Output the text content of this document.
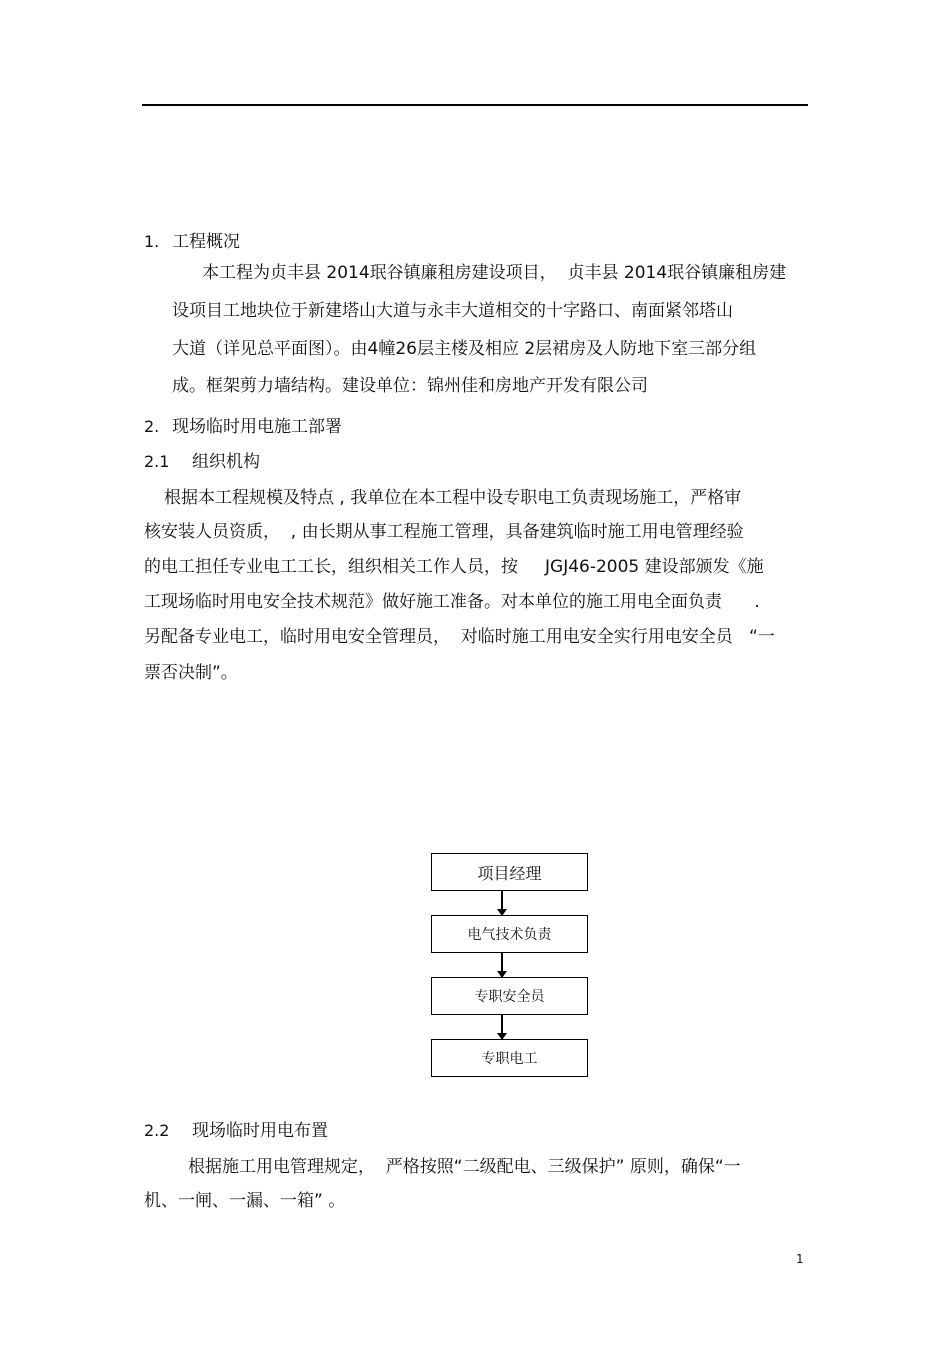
1. 工程概况
本工程为贞丰县 2014珉谷镇廉租房建设项目，  贞丰县 2014珉谷镇廉租房建
设项目工地块位于新建塔山大道与永丰大道相交的十字路口、南面紧邻塔山
大道（详见总平面图）。由4幢26层主楼及相应 2层裙房及人防地下室三部分组
成。框架剪力墙结构。建设单位：锦州佳和房地产开发有限公司
2. 现场临时用电施工部署
2.1 组织机构
根据本工程规模及特点 , 我单位在本工程中设专职电工负责现场施工，严格审
核安装人员资质，  , 由长期从事工程施工管理，具备建筑临时施工用电管理经验
的电工担任专业电工工长，组织相关工作人员，按     JGJ46-2005 建设部颁发《施
工现场临时用电安全技术规范》做好施工准备。对本单位的施工用电全面负责      .
另配备专业电工，临时用电安全管理员，  对临时施工用电安全实行用电安全员   “一
票否决制”。
项目经理
电气技术负责
专职安全员
专职电工
2.2 现场临时用电布置
根据施工用电管理规定，  严格按照“二级配电、三级保护” 原则，确保“一
机、一闸、一漏、一箱” 。
1
